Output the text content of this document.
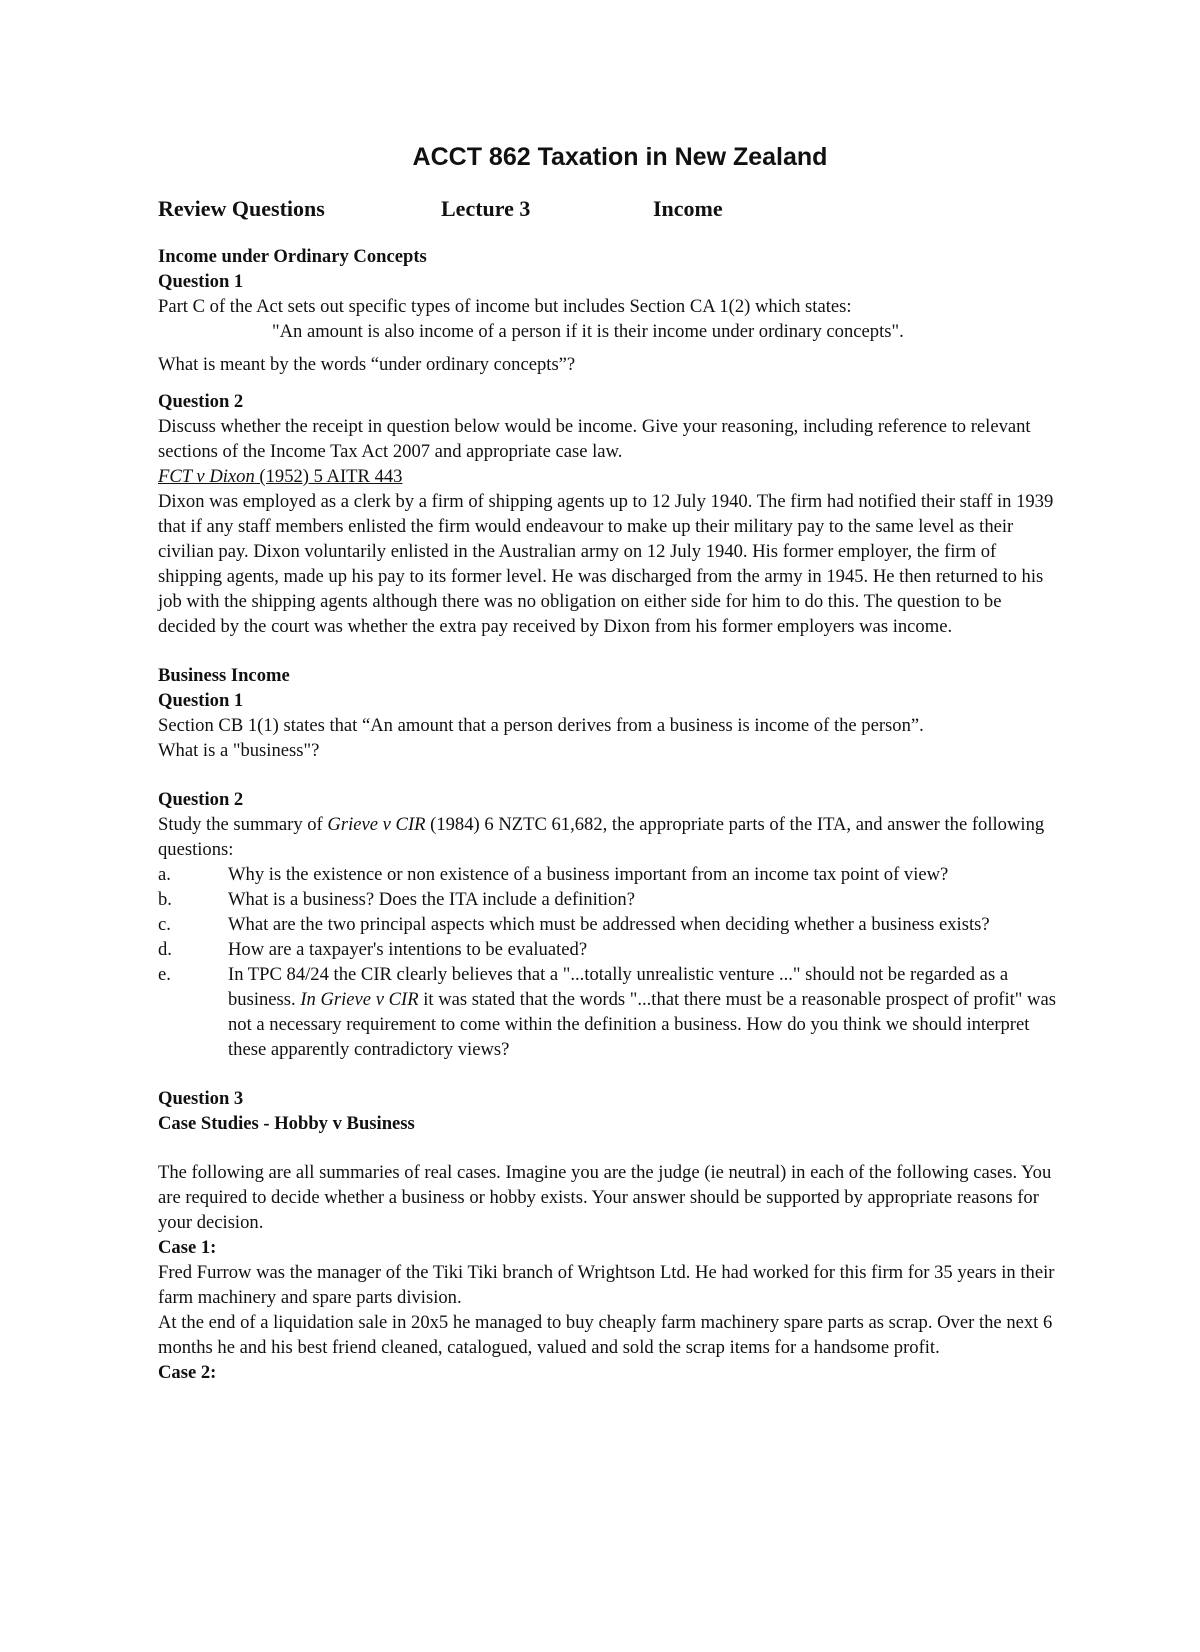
ACCT 862 Taxation in New Zealand
Review Questions	Lecture 3	Income
Income under Ordinary Concepts
Question 1
Part C of the Act sets out specific types of income but includes Section CA 1(2) which states:
"An amount is also income of a person if it is their income under ordinary concepts".
What is meant by the words “under ordinary concepts”?
Question 2
Discuss whether the receipt in question below would be income. Give your reasoning, including reference to relevant sections of the Income Tax Act 2007 and appropriate case law.
FCT v Dixon (1952) 5 AITR 443
Dixon was employed as a clerk by a firm of shipping agents up to 12 July 1940. The firm had notified their staff in 1939 that if any staff members enlisted the firm would endeavour to make up their military pay to the same level as their civilian pay. Dixon voluntarily enlisted in the Australian army on 12 July 1940. His former employer, the firm of shipping agents, made up his pay to its former level. He was discharged from the army in 1945. He then returned to his job with the shipping agents although there was no obligation on either side for him to do this. The question to be decided by the court was whether the extra pay received by Dixon from his former employers was income.
Business Income
Question 1
Section CB 1(1) states that “An amount that a person derives from a business is income of the person”.
What is a "business"?
Question 2
Study the summary of Grieve v CIR (1984) 6 NZTC 61,682, the appropriate parts of the ITA, and answer the following questions:
a.	Why is the existence or non existence of a business important from an income tax point of view?
b.	What is a business? Does the ITA include a definition?
c.	What are the two principal aspects which must be addressed when deciding whether a business exists?
d.	How are a taxpayer's intentions to be evaluated?
e.	In TPC 84/24 the CIR clearly believes that a "...totally unrealistic venture ..." should not be regarded as a business. In Grieve v CIR it was stated that the words "...that there must be a reasonable prospect of profit" was not a necessary requirement to come within the definition a business. How do you think we should interpret these apparently contradictory views?
Question 3
Case Studies - Hobby v Business
The following are all summaries of real cases. Imagine you are the judge (ie neutral) in each of the following cases. You are required to decide whether a business or hobby exists. Your answer should be supported by appropriate reasons for your decision.
Case 1:
Fred Furrow was the manager of the Tiki Tiki branch of Wrightson Ltd. He had worked for this firm for 35 years in their farm machinery and spare parts division.
At the end of a liquidation sale in 20x5 he managed to buy cheaply farm machinery spare parts as scrap. Over the next 6 months he and his best friend cleaned, catalogued, valued and sold the scrap items for a handsome profit.
Case 2:
